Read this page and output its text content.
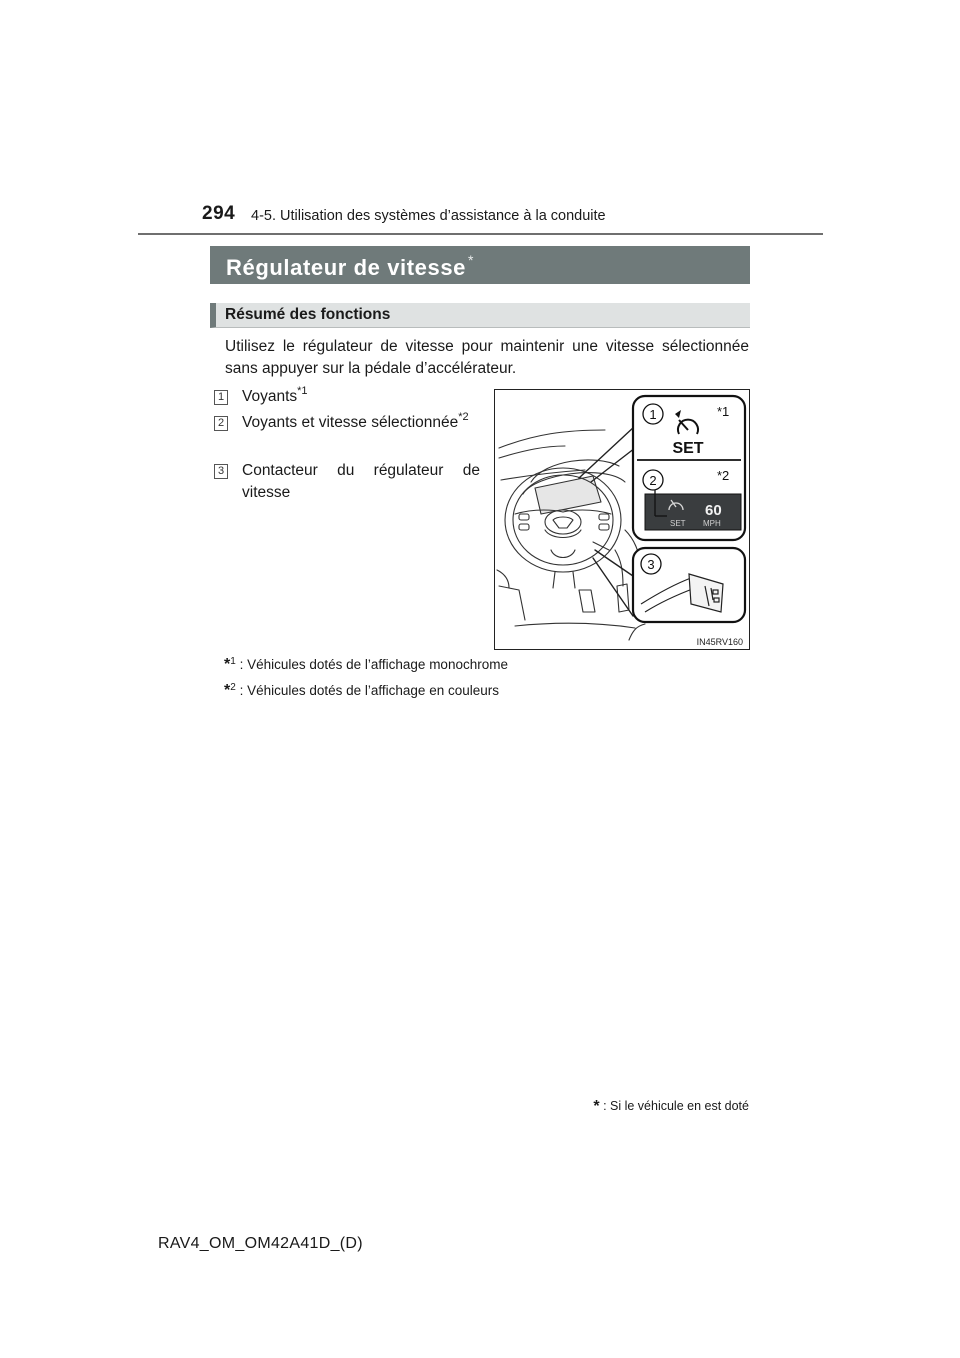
294 4-5. Utilisation des systèmes d’assistance à la conduite
Régulateur de vitesse *
Résumé des fonctions
Utilisez le régulateur de vitesse pour maintenir une vitesse sélectionnée sans appuyer sur la pédale d’accélérateur.
1 Voyants$^{*1}$
2 Voyants et vitesse sélectionnée$^{*2}$
3 Contacteur du régulateur de vitesse
1	*1
SET
2	*2
60
SET MPH
3
IN45RV160
*$^1$ : Véhicules dotés de l’affichage monochrome
*$^2$ : Véhicules dotés de l’affichage en couleurs
* : Si le véhicule en est doté
RAV4_OM_OM42A41D_(D)
